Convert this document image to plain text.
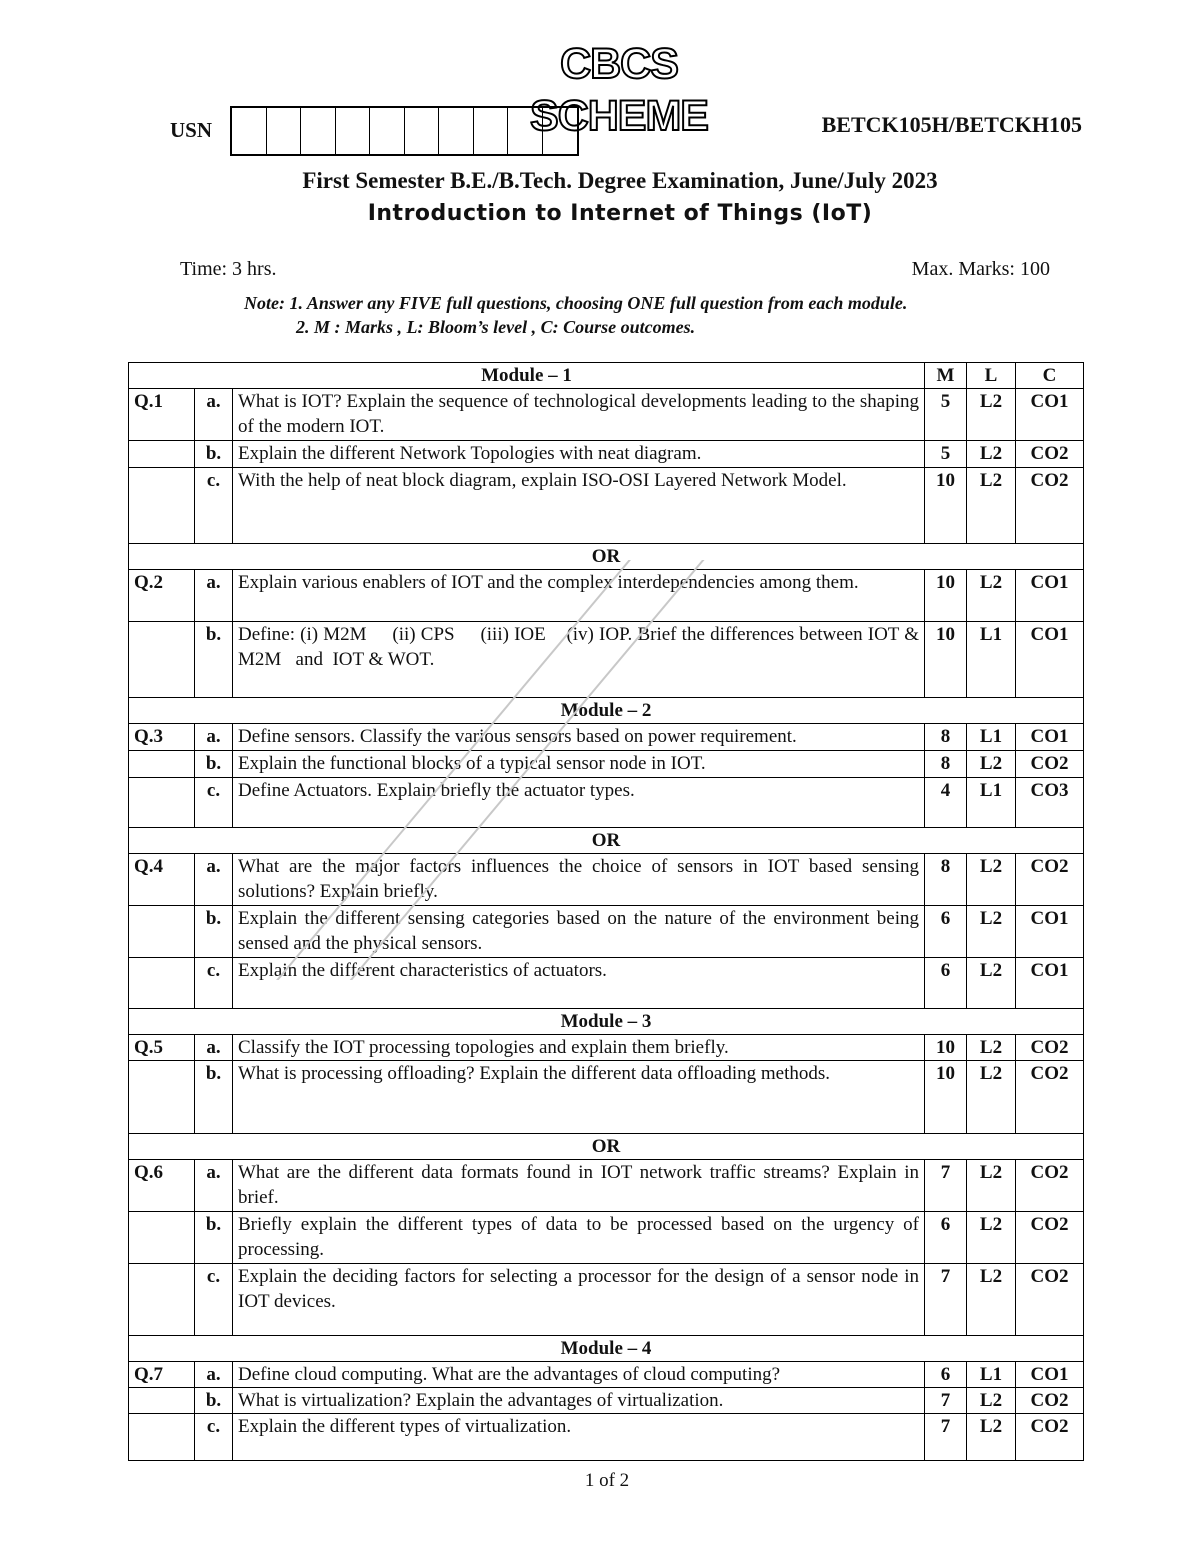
CBCS SCHEME
USN	BETCK105H/BETCKH105
First Semester B.E./B.Tech. Degree Examination, June/July 2023
Introduction to Internet of Things (IoT)
Time: 3 hrs.	Max. Marks: 100
Note: 1. Answer any FIVE full questions, choosing ONE full question from each module.
2. M : Marks , L: Bloom’s level , C: Course outcomes.
Module – 1			M	L	C
Q.1	a.	What is IOT? Explain the sequence of technological developments leading to the shaping of the modern IOT.	5	L2	CO1
	b.	Explain the different Network Topologies with neat diagram.	5	L2	CO2
	c.	With the help of neat block diagram, explain ISO-OSI Layered Network Model.	10	L2	CO2
OR					
Q.2	a.	Explain various enablers of IOT and the complex interdependencies among them.	10	L2	CO1
	b.	Define: (i) M2M     (ii) CPS     (iii) IOE    (iv) IOP. Brief the differences between IOT & M2M   and  IOT & WOT.	10	L1	CO1
Module – 2					
Q.3	a.	Define sensors. Classify the various sensors based on power requirement.	8	L1	CO1
	b.	Explain the functional blocks of a typical sensor node in IOT.	8	L2	CO2
	c.	Define Actuators. Explain briefly the actuator types.	4	L1	CO3
OR					
Q.4	a.	What are the major factors influences the choice of sensors in IOT based sensing solutions? Explain briefly.	8	L2	CO2
	b.	Explain the different sensing categories based on the nature of the environment being sensed and the physical sensors.	6	L2	CO1
	c.	Explain the different characteristics of actuators.	6	L2	CO1
Module – 3					
Q.5	a.	Classify the IOT processing topologies and explain them briefly.	10	L2	CO2
	b.	What is processing offloading? Explain the different data offloading methods.	10	L2	CO2
OR					
Q.6	a.	What are the different data formats found in IOT network traffic streams? Explain in brief.	7	L2	CO2
	b.	Briefly explain the different types of data to be processed based on the urgency of processing.	6	L2	CO2
	c.	Explain the deciding factors for selecting a processor for the design of a sensor node in IOT devices.	7	L2	CO2
Module – 4					
Q.7	a.	Define cloud computing. What are the advantages of cloud computing?	6	L1	CO1
	b.	What is virtualization? Explain the advantages of virtualization.	7	L2	CO2
	c.	Explain the different types of virtualization.	7	L2	CO2
1 of 2
